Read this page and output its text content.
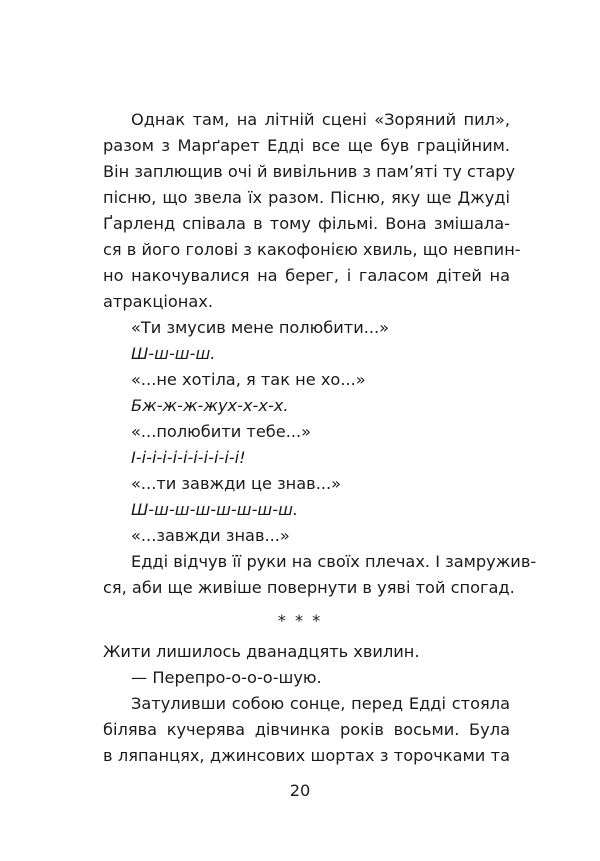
Однак там, на літній сцені «Зоряний пил»,
разом з Марґарет Едді все ще був граційним.
Він заплющив очі й вивільнив з пам’яті ту стару
пісню, що звела їх разом. Пісню, яку ще Джуді
Ґарленд співала в тому фільмі. Вона змішала-
ся в його голові з какофонією хвиль, що невпин-
но накочувалися на берег, і галасом дітей на
атракціонах.
«Ти змусив мене полюбити...»
Ш-ш-ш-ш.
«...не хотіла, я так не хо...»
Бж-ж-ж-жух-х-х-х.
«...полюбити тебе...»
І-і-і-і-і-і-і-і-і-і-і!
«...ти завжди це знав...»
Ш-ш-ш-ш-ш-ш-ш-ш.
«...завжди знав...»
Едді відчув її руки на своїх плечах. І замружив-
ся, аби ще живіше повернути в уяві той спогад.
* * *
Жити лишилось дванадцять хвилин.
— Перепро-о-о-о-шую.
Затуливши собою сонце, перед Едді стояла
білява кучерява дівчинка років восьми. Була
в ляпанцях, джинсових шортах з торочками та
20
